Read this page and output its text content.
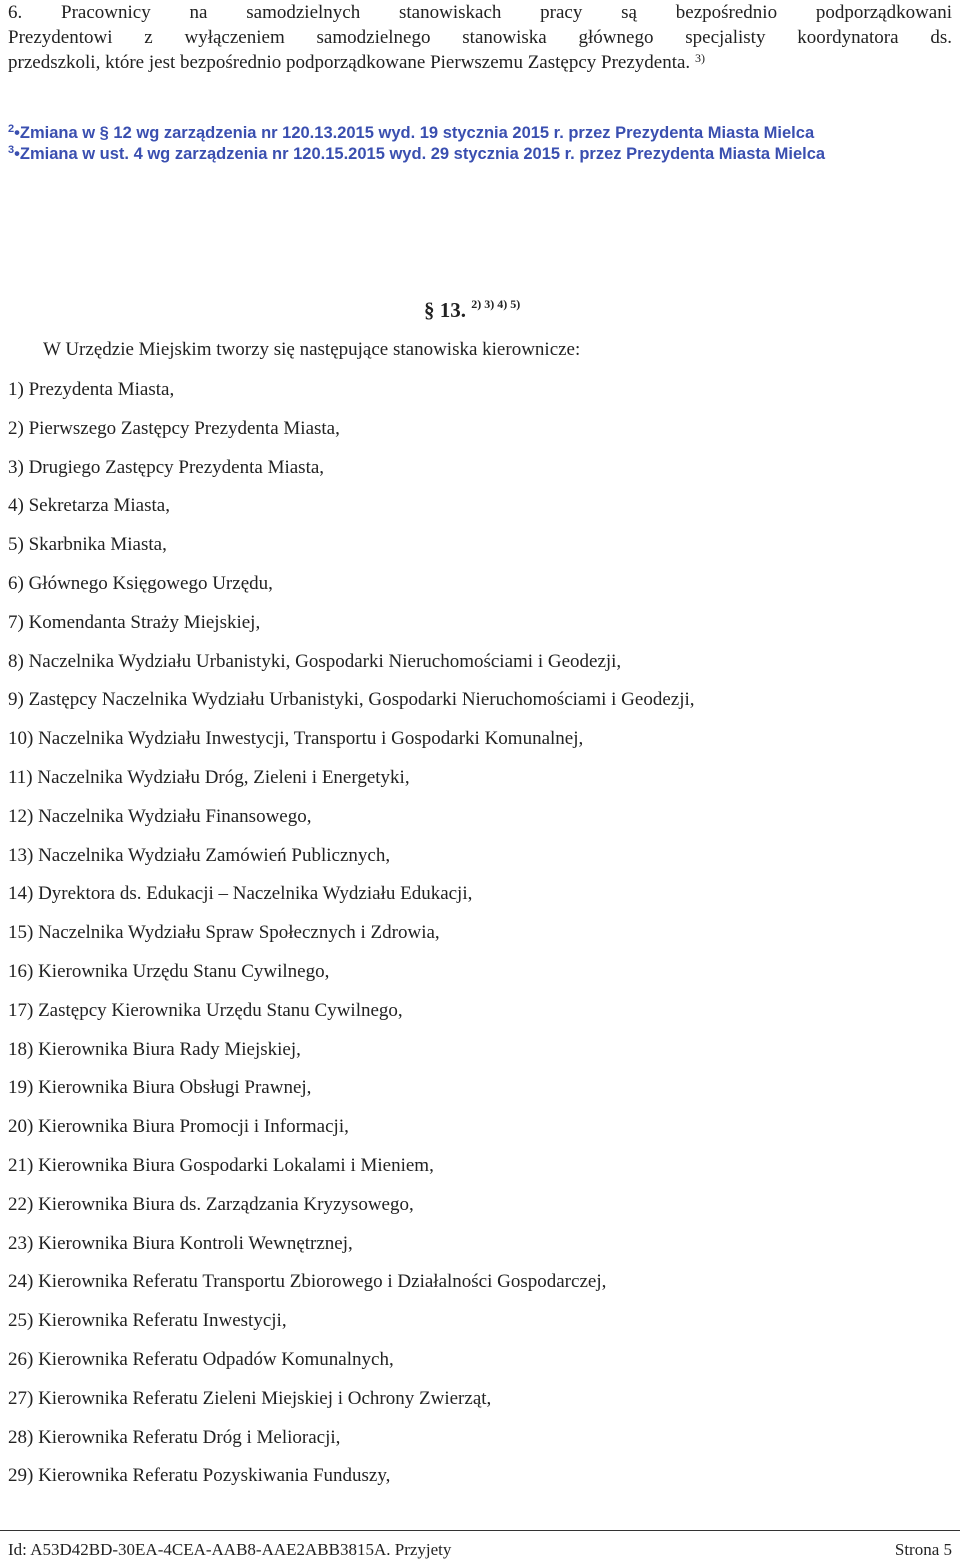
6. Pracownicy na samodzielnych stanowiskach pracy są bezpośrednio podporządkowani
Prezydentowi z wyłączeniem samodzielnego stanowiska głównego specjalisty koordynatora ds.
przedszkoli, które jest bezpośrednio podporządkowane Pierwszemu Zastępcy Prezydenta. $^{3)}$
$^2$•Zmiana w § 12 wg zarządzenia nr 120.13.2015 wyd. 19 stycznia 2015 r. przez Prezydenta Miasta Mielca
$^3$•Zmiana w ust. 4 wg zarządzenia nr 120.15.2015 wyd. 29 stycznia 2015 r. przez Prezydenta Miasta Mielca
§ 13. $^{2) 3) 4) 5)}$
W Urzędzie Miejskim tworzy się następujące stanowiska kierownicze:
1) Prezydenta Miasta,
2) Pierwszego Zastępcy Prezydenta Miasta,
3) Drugiego Zastępcy Prezydenta Miasta,
4) Sekretarza Miasta,
5) Skarbnika Miasta,
6) Głównego Księgowego Urzędu,
7) Komendanta Straży Miejskiej,
8) Naczelnika Wydziału Urbanistyki, Gospodarki Nieruchomościami i Geodezji,
9) Zastępcy Naczelnika Wydziału Urbanistyki, Gospodarki Nieruchomościami i Geodezji,
10) Naczelnika Wydziału Inwestycji, Transportu i Gospodarki Komunalnej,
11) Naczelnika Wydziału Dróg, Zieleni i Energetyki,
12) Naczelnika Wydziału Finansowego,
13) Naczelnika Wydziału Zamówień Publicznych,
14) Dyrektora ds. Edukacji – Naczelnika Wydziału Edukacji,
15) Naczelnika Wydziału Spraw Społecznych i Zdrowia,
16) Kierownika Urzędu Stanu Cywilnego,
17) Zastępcy Kierownika Urzędu Stanu Cywilnego,
18) Kierownika Biura Rady Miejskiej,
19) Kierownika Biura Obsługi Prawnej,
20) Kierownika Biura Promocji i Informacji,
21) Kierownika Biura Gospodarki Lokalami i Mieniem,
22) Kierownika Biura ds. Zarządzania Kryzysowego,
23) Kierownika Biura Kontroli Wewnętrznej,
24) Kierownika Referatu Transportu Zbiorowego i Działalności Gospodarczej,
25) Kierownika Referatu Inwestycji,
26) Kierownika Referatu Odpadów Komunalnych,
27) Kierownika Referatu Zieleni Miejskiej i Ochrony Zwierząt,
28) Kierownika Referatu Dróg i Melioracji,
29) Kierownika Referatu Pozyskiwania Funduszy,
Id: A53D42BD-30EA-4CEA-AAB8-AAE2ABB3815A. Przyjety	Strona 5
